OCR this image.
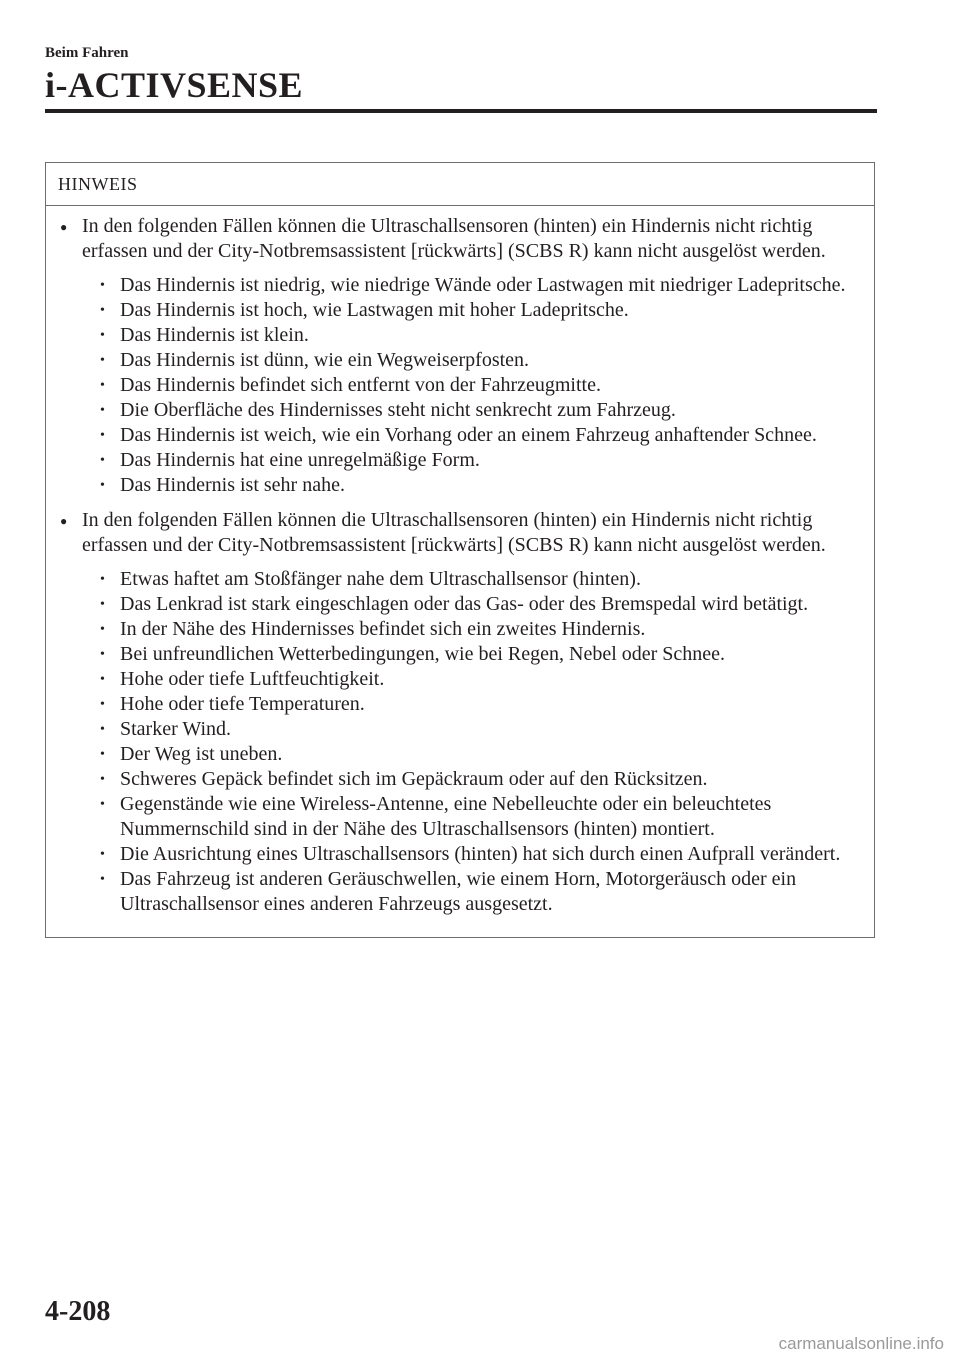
Beim Fahren
i-ACTIVSENSE
HINWEIS
● In den folgenden Fällen können die Ultraschallsensoren (hinten) ein Hindernis nicht richtig erfassen und der City-Notbremsassistent [rückwärts] (SCBS R) kann nicht ausgelöst werden.
• Das Hindernis ist niedrig, wie niedrige Wände oder Lastwagen mit niedriger Ladepritsche.
• Das Hindernis ist hoch, wie Lastwagen mit hoher Ladepritsche.
• Das Hindernis ist klein.
• Das Hindernis ist dünn, wie ein Wegweiserpfosten.
• Das Hindernis befindet sich entfernt von der Fahrzeugmitte.
• Die Oberfläche des Hindernisses steht nicht senkrecht zum Fahrzeug.
• Das Hindernis ist weich, wie ein Vorhang oder an einem Fahrzeug anhaftender Schnee.
• Das Hindernis hat eine unregelmäßige Form.
• Das Hindernis ist sehr nahe.
● In den folgenden Fällen können die Ultraschallsensoren (hinten) ein Hindernis nicht richtig erfassen und der City-Notbremsassistent [rückwärts] (SCBS R) kann nicht ausgelöst werden.
• Etwas haftet am Stoßfänger nahe dem Ultraschallsensor (hinten).
• Das Lenkrad ist stark eingeschlagen oder das Gas- oder des Bremspedal wird betätigt.
• In der Nähe des Hindernisses befindet sich ein zweites Hindernis.
• Bei unfreundlichen Wetterbedingungen, wie bei Regen, Nebel oder Schnee.
• Hohe oder tiefe Luftfeuchtigkeit.
• Hohe oder tiefe Temperaturen.
• Starker Wind.
• Der Weg ist uneben.
• Schweres Gepäck befindet sich im Gepäckraum oder auf den Rücksitzen.
• Gegenstände wie eine Wireless-Antenne, eine Nebelleuchte oder ein beleuchtetes Nummernschild sind in der Nähe des Ultraschallsensors (hinten) montiert.
• Die Ausrichtung eines Ultraschallsensors (hinten) hat sich durch einen Aufprall verändert.
• Das Fahrzeug ist anderen Geräuschwellen, wie einem Horn, Motorgeräusch oder ein Ultraschallsensor eines anderen Fahrzeugs ausgesetzt.
4-208
carmanualsonline.info
